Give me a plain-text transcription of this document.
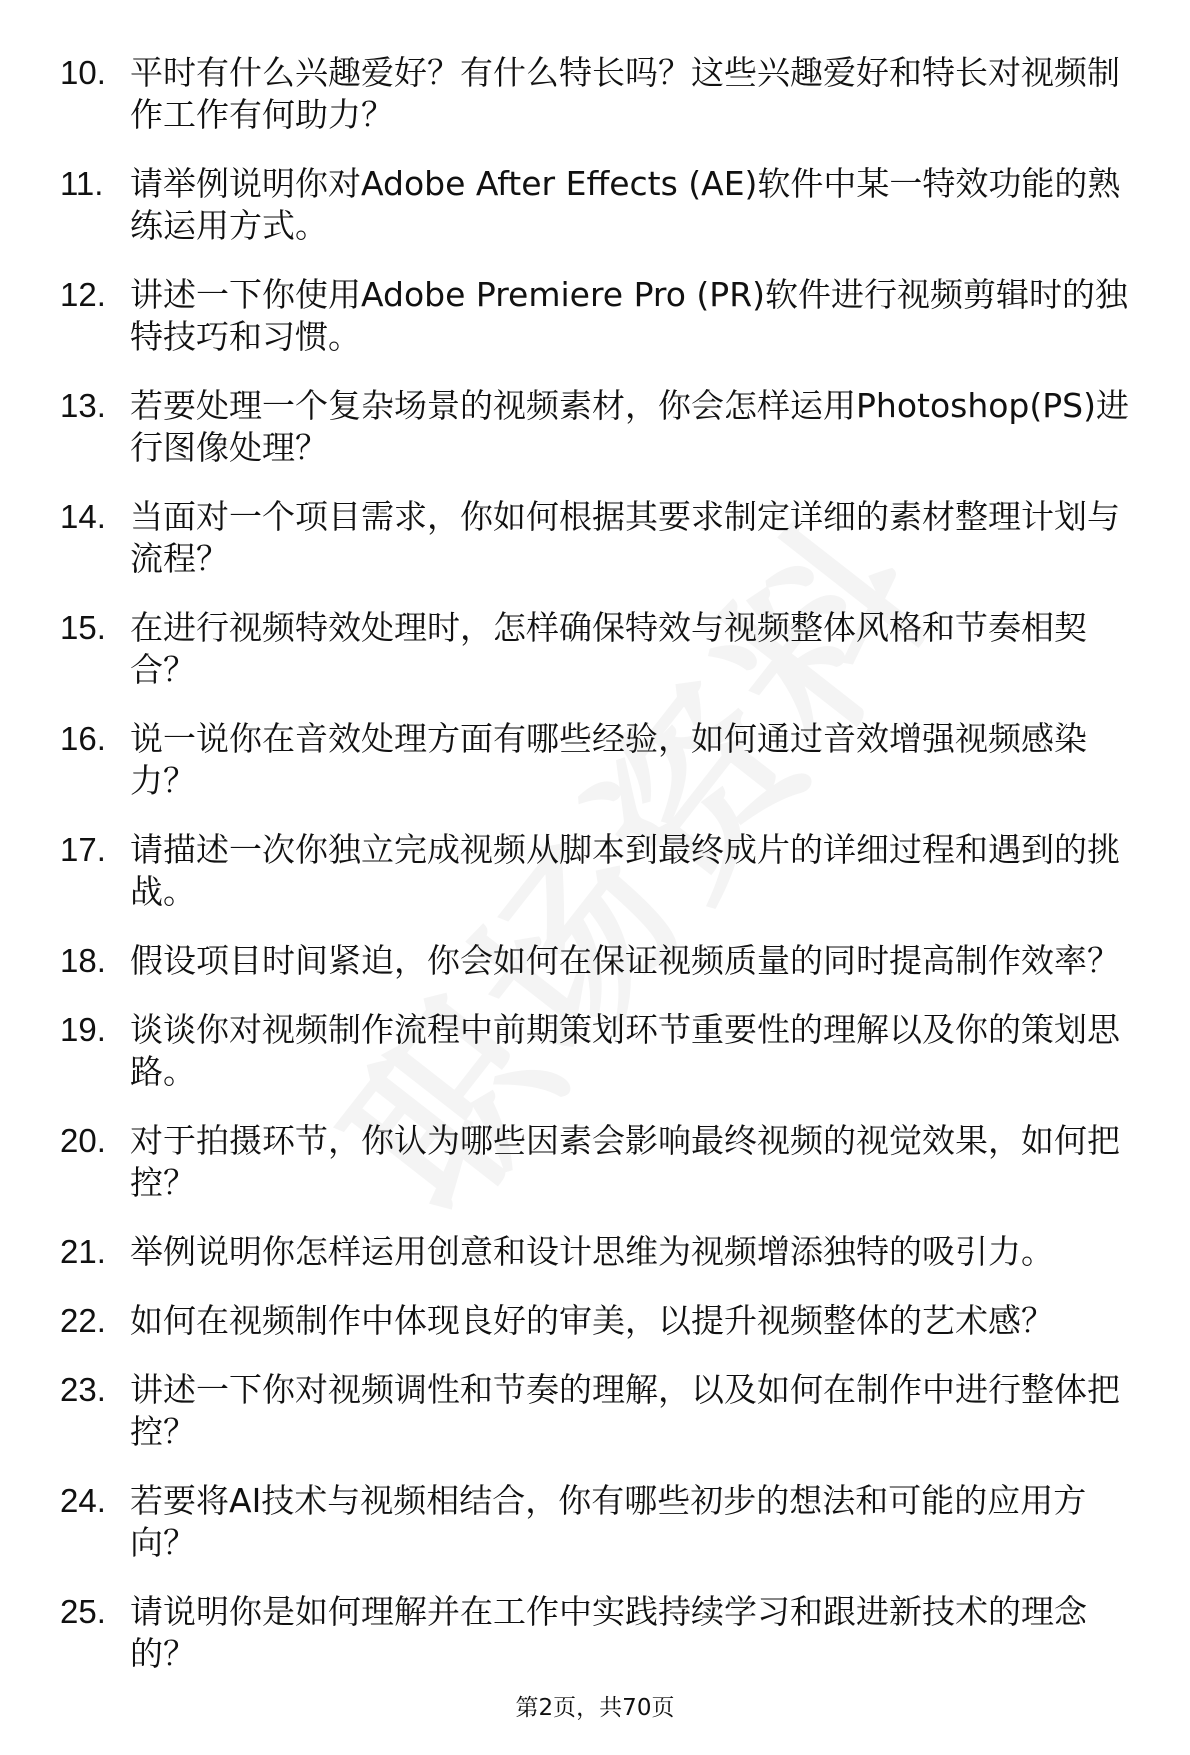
10. 平时有什么兴趣爱好？有什么特长吗？这些兴趣爱好和特长对视频制作工作有何助力？
11. 请举例说明你对Adobe After Effects (AE)软件中某一特效功能的熟练运用方式。
12. 讲述一下你使用Adobe Premiere Pro (PR)软件进行视频剪辑时的独特技巧和习惯。
13. 若要处理一个复杂场景的视频素材，你会怎样运用Photoshop(PS)进行图像处理？
14. 当面对一个项目需求，你如何根据其要求制定详细的素材整理计划与流程？
15. 在进行视频特效处理时，怎样确保特效与视频整体风格和节奏相契合？
16. 说一说你在音效处理方面有哪些经验，如何通过音效增强视频感染力？
17. 请描述一次你独立完成视频从脚本到最终成片的详细过程和遇到的挑战。
18. 假设项目时间紧迫，你会如何在保证视频质量的同时提高制作效率？
19. 谈谈你对视频制作流程中前期策划环节重要性的理解以及你的策划思路。
20. 对于拍摄环节，你认为哪些因素会影响最终视频的视觉效果，如何把控？
21. 举例说明你怎样运用创意和设计思维为视频增添独特的吸引力。
22. 如何在视频制作中体现良好的审美，以提升视频整体的艺术感？
23. 讲述一下你对视频调性和节奏的理解，以及如何在制作中进行整体把控？
24. 若要将AI技术与视频相结合，你有哪些初步的想法和可能的应用方向？
25. 请说明你是如何理解并在工作中实践持续学习和跟进新技术的理念的？
第2页，共70页
